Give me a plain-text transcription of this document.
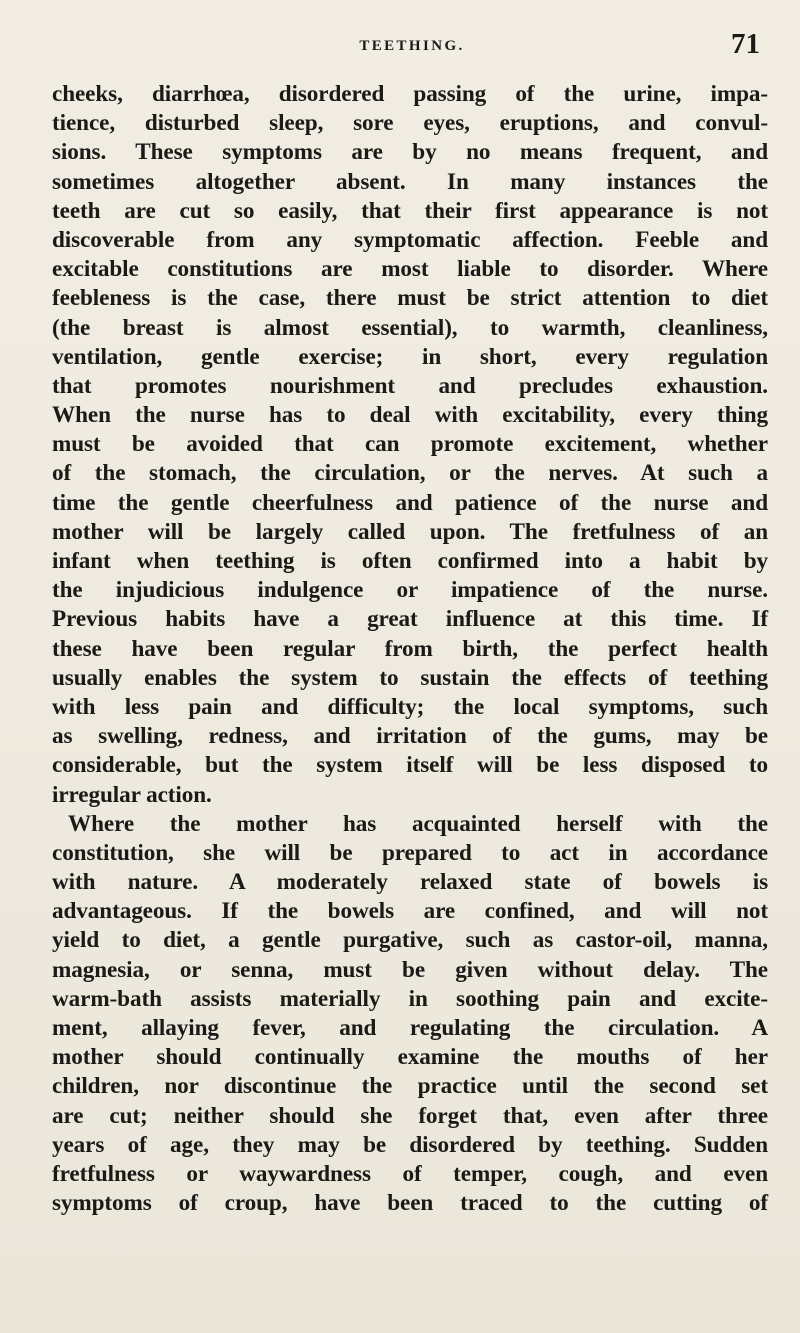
TEETHING.	71
cheeks, diarrhœa, disordered passing of the urine, impa-
tience, disturbed sleep, sore eyes, eruptions, and convul-
sions. These symptoms are by no means frequent, and
sometimes altogether absent. In many instances the
teeth are cut so easily, that their first appearance is not
discoverable from any symptomatic affection. Feeble and
excitable constitutions are most liable to disorder. Where
feebleness is the case, there must be strict attention to diet
(the breast is almost essential), to warmth, cleanliness,
ventilation, gentle exercise; in short, every regulation
that promotes nourishment and precludes exhaustion.
When the nurse has to deal with excitability, every thing
must be avoided that can promote excitement, whether
of the stomach, the circulation, or the nerves. At such a
time the gentle cheerfulness and patience of the nurse and
mother will be largely called upon. The fretfulness of an
infant when teething is often confirmed into a habit by
the injudicious indulgence or impatience of the nurse.
Previous habits have a great influence at this time. If
these have been regular from birth, the perfect health
usually enables the system to sustain the effects of teething
with less pain and difficulty; the local symptoms, such
as swelling, redness, and irritation of the gums, may be
considerable, but the system itself will be less disposed to
irregular action.
Where the mother has acquainted herself with the
constitution, she will be prepared to act in accordance
with nature. A moderately relaxed state of bowels is
advantageous. If the bowels are confined, and will not
yield to diet, a gentle purgative, such as castor-oil, manna,
magnesia, or senna, must be given without delay. The
warm-bath assists materially in soothing pain and excite-
ment, allaying fever, and regulating the circulation. A
mother should continually examine the mouths of her
children, nor discontinue the practice until the second set
are cut; neither should she forget that, even after three
years of age, they may be disordered by teething. Sudden
fretfulness or waywardness of temper, cough, and even
symptoms of croup, have been traced to the cutting of
